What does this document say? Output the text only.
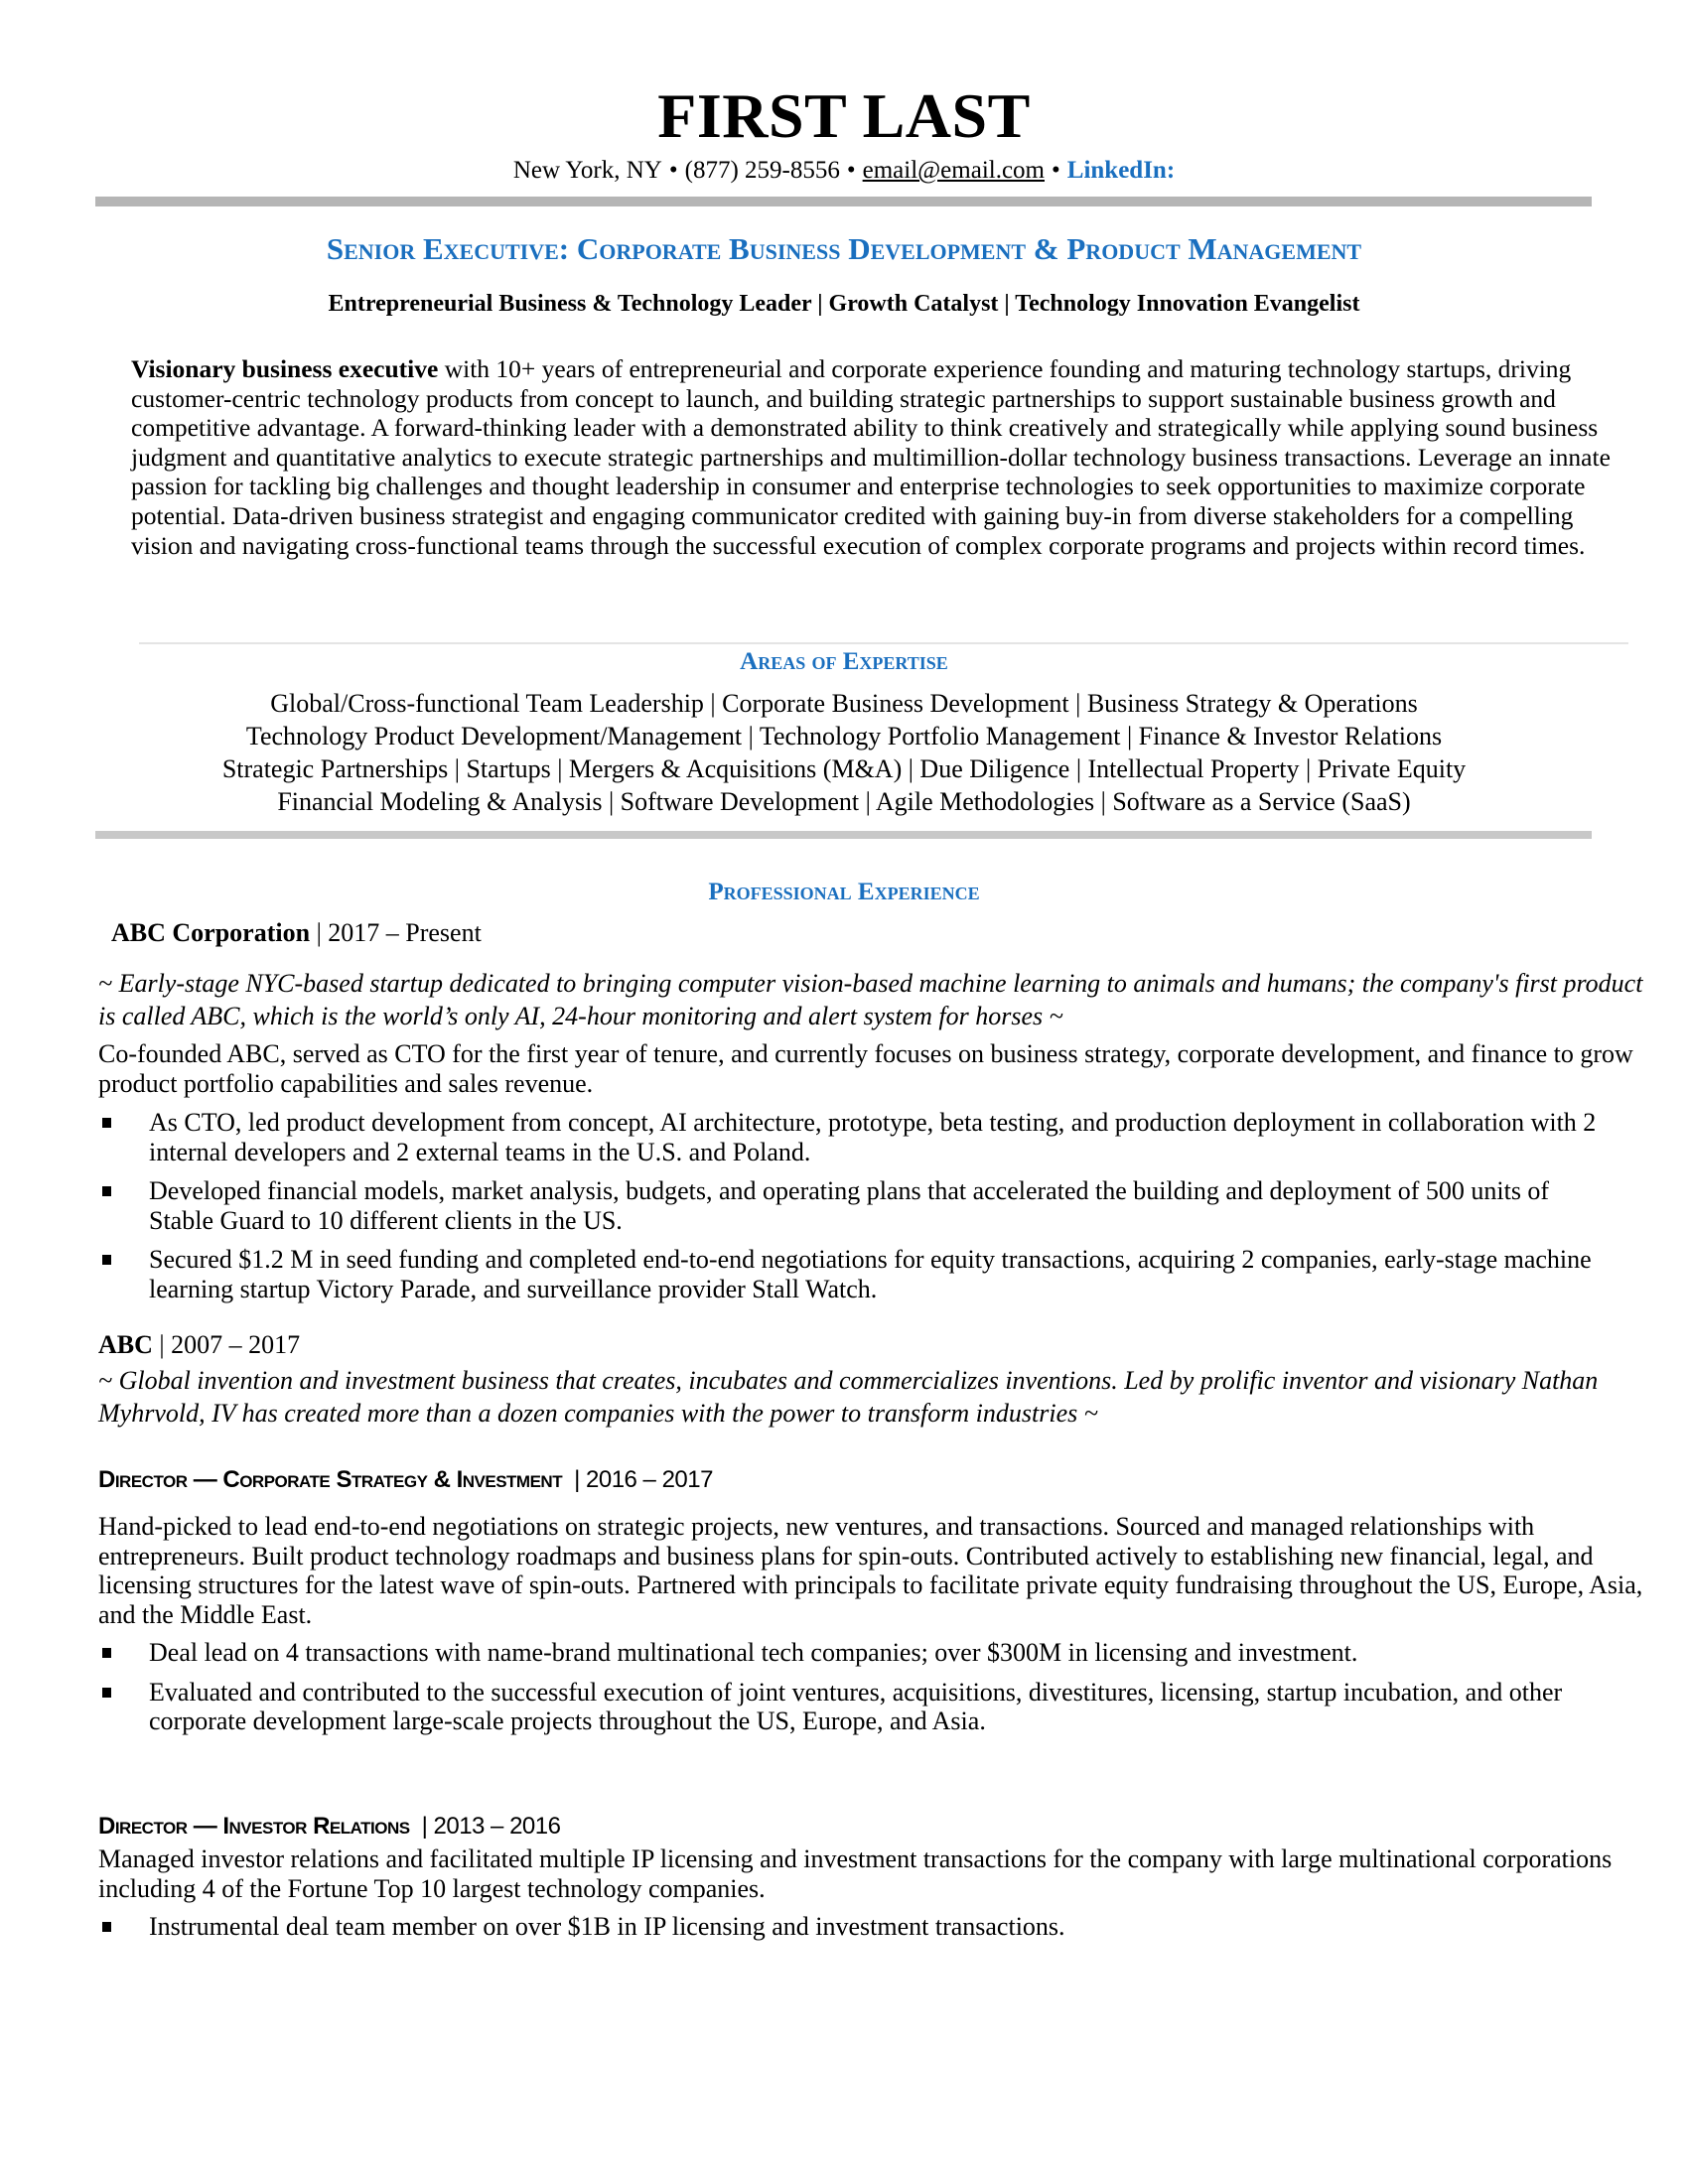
FIRST LAST
New York, NY • (877) 259-8556 • email@email.com • LinkedIn:
Senior Executive: Corporate Business Development & Product Management
Entrepreneurial Business & Technology Leader | Growth Catalyst | Technology Innovation Evangelist
Visionary business executive with 10+ years of entrepreneurial and corporate experience founding and maturing technology startups, driving customer-centric technology products from concept to launch, and building strategic partnerships to support sustainable business growth and competitive advantage. A forward-thinking leader with a demonstrated ability to think creatively and strategically while applying sound business judgment and quantitative analytics to execute strategic partnerships and multimillion-dollar technology business transactions. Leverage an innate passion for tackling big challenges and thought leadership in consumer and enterprise technologies to seek opportunities to maximize corporate potential. Data-driven business strategist and engaging communicator credited with gaining buy-in from diverse stakeholders for a compelling vision and navigating cross-functional teams through the successful execution of complex corporate programs and projects within record times.
Areas of Expertise
Global/Cross-functional Team Leadership | Corporate Business Development | Business Strategy & Operations
Technology Product Development/Management | Technology Portfolio Management | Finance & Investor Relations
Strategic Partnerships | Startups | Mergers & Acquisitions (M&A) | Due Diligence | Intellectual Property | Private Equity
Financial Modeling & Analysis | Software Development | Agile Methodologies | Software as a Service (SaaS)
Professional Experience
ABC Corporation | 2017 – Present
~ Early-stage NYC-based startup dedicated to bringing computer vision-based machine learning to animals and humans; the company's first product is called ABC, which is the world’s only AI, 24-hour monitoring and alert system for horses ~
Co-founded ABC, served as CTO for the first year of tenure, and currently focuses on business strategy, corporate development, and finance to grow product portfolio capabilities and sales revenue.
As CTO, led product development from concept, AI architecture, prototype, beta testing, and production deployment in collaboration with 2 internal developers and 2 external teams in the U.S. and Poland.
Developed financial models, market analysis, budgets, and operating plans that accelerated the building and deployment of 500 units of Stable Guard to 10 different clients in the US.
Secured $1.2 M in seed funding and completed end-to-end negotiations for equity transactions, acquiring 2 companies, early-stage machine learning startup Victory Parade, and surveillance provider Stall Watch.
ABC | 2007 – 2017
~ Global invention and investment business that creates, incubates and commercializes inventions. Led by prolific inventor and visionary Nathan Myhrvold, IV has created more than a dozen companies with the power to transform industries ~
Director — Corporate Strategy & Investment | 2016 – 2017
Hand-picked to lead end-to-end negotiations on strategic projects, new ventures, and transactions. Sourced and managed relationships with entrepreneurs. Built product technology roadmaps and business plans for spin-outs. Contributed actively to establishing new financial, legal, and licensing structures for the latest wave of spin-outs. Partnered with principals to facilitate private equity fundraising throughout the US, Europe, Asia, and the Middle East.
Deal lead on 4 transactions with name-brand multinational tech companies; over $300M in licensing and investment.
Evaluated and contributed to the successful execution of joint ventures, acquisitions, divestitures, licensing, startup incubation, and other corporate development large-scale projects throughout the US, Europe, and Asia.
Director — Investor Relations | 2013 – 2016
Managed investor relations and facilitated multiple IP licensing and investment transactions for the company with large multinational corporations including 4 of the Fortune Top 10 largest technology companies.
Instrumental deal team member on over $1B in IP licensing and investment transactions.
